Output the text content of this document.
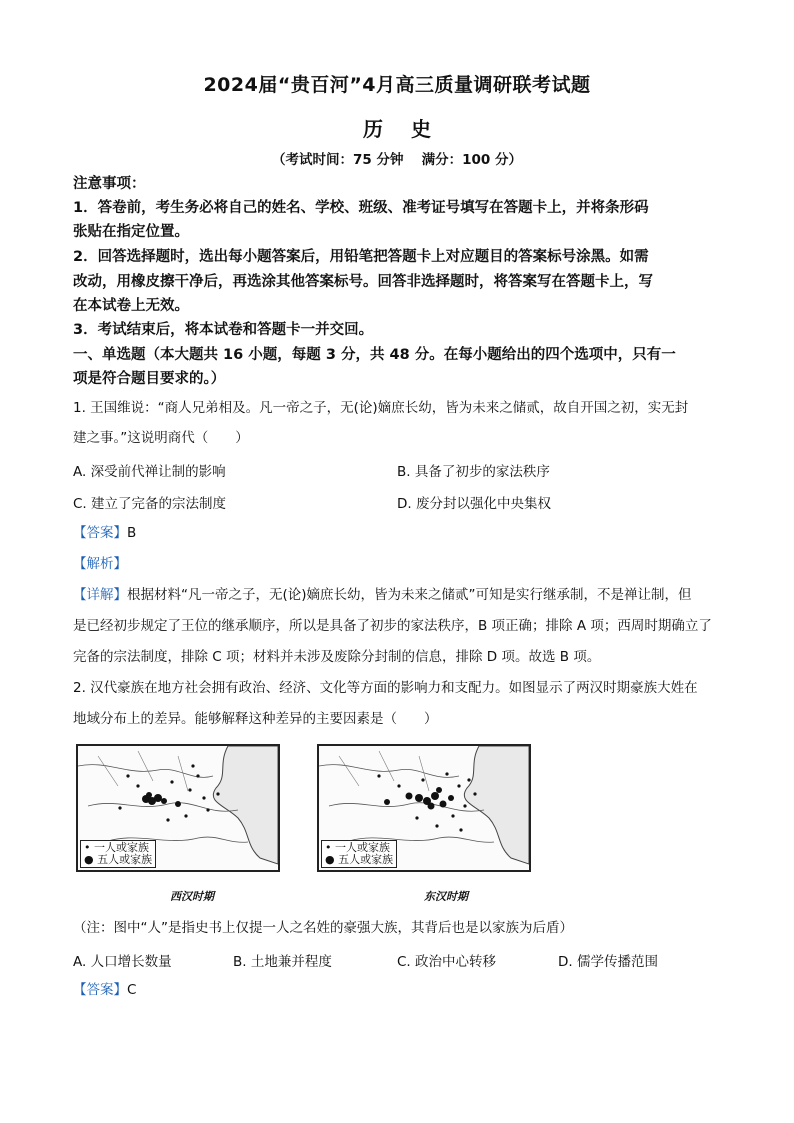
2024届“贵百河”4月高三质量调研联考试题
历史
（考试时间：75 分钟　 满分：100 分）
注意事项：
1．答卷前，考生务必将自己的姓名、学校、班级、准考证号填写在答题卡上，并将条形码
张贴在指定位置。
2．回答选择题时，选出每小题答案后，用铅笔把答题卡上对应题目的答案标号涂黑。如需
改动，用橡皮擦干净后，再选涂其他答案标号。回答非选择题时，将答案写在答题卡上，写
在本试卷上无效。
3．考试结束后，将本试卷和答题卡一并交回。
一、单选题（本大题共 16 小题，每题 3 分，共 48 分。在每小题给出的四个选项中，只有一
项是符合题目要求的。）
1. 王国维说：“商人兄弟相及。凡一帝之子，无(论)嫡庶长幼，皆为未来之储贰，故自开国之初，实无封
建之事。”这说明商代（　　）
A. 深受前代禅让制的影响	B. 具备了初步的家法秩序
C. 建立了完备的宗法制度	D. 废分封以强化中央集权
【答案】B
【解析】
【详解】根据材料“凡一帝之子，无(论)嫡庶长幼，皆为未来之储贰”可知是实行继承制，不是禅让制，但
是已经初步规定了王位的继承顺序，所以是具备了初步的家法秩序，B 项正确；排除 A 项；西周时期确立了
完备的宗法制度，排除 C 项；材料并未涉及废除分封制的信息，排除 D 项。故选 B 项。
2. 汉代豪族在地方社会拥有政治、经济、文化等方面的影响力和支配力。如图显示了两汉时期豪族大姓在
地域分布上的差异。能够解释这种差异的主要因素是（　　）
• 一人或家族
● 五人或家族
西汉时期
• 一人或家族
● 五人或家族
东汉时期
（注：图中“人”是指史书上仅提一人之名姓的豪强大族，其背后也是以家族为后盾）
A. 人口增长数量	B. 土地兼并程度	C. 政治中心转移	D. 儒学传播范围
【答案】C
